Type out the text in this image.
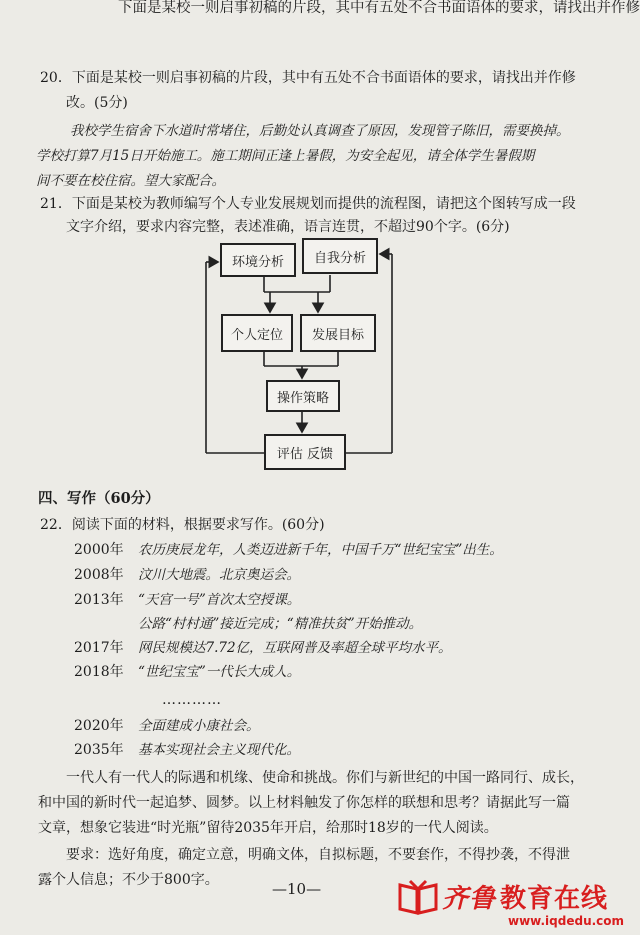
下面是某校一则启事初稿的片段，其中有五处不合书面语体的要求，请找出并作修
20．下面是某校一则启事初稿的片段，其中有五处不合书面语体的要求，请找出并作修
改。(5分)
我校学生宿舍下水道时常堵住，后勤处认真调查了原因，发现管子陈旧，需要换掉。
学校打算7月15日开始施工。施工期间正逢上暑假，为安全起见，请全体学生暑假期
间不要在校住宿。望大家配合。
21．下面是某校为教师编写个人专业发展规划而提供的流程图，请把这个图转写成一段
文字介绍，要求内容完整，表述准确，语言连贯，不超过90个字。(6分)
环境分析	自我分析
个人定位	发展目标
操作策略
评估 反馈
四、写作（60分）
22．阅读下面的材料，根据要求写作。(60分)
2000年 农历庚辰龙年，人类迈进新千年，中国千万“世纪宝宝”出生。
2008年 汶川大地震。北京奥运会。
2013年 “天宫一号”首次太空授课。
公路“村村通”接近完成；“精准扶贫”开始推动。
2017年 网民规模达7.72亿，互联网普及率超全球平均水平。
2018年 “世纪宝宝”一代长大成人。
…………
2020年 全面建成小康社会。
2035年 基本实现社会主义现代化。
一代人有一代人的际遇和机缘、使命和挑战。你们与新世纪的中国一路同行、成长，
和中国的新时代一起追梦、圆梦。以上材料触发了你怎样的联想和思考？请据此写一篇
文章，想象它装进“时光瓶”留待2035年开启，给那时18岁的一代人阅读。
要求：选好角度，确定立意，明确文体，自拟标题，不要套作，不得抄袭，不得泄
露个人信息；不少于800字。	—10—	齐鲁 教育在线
www.iqdedu.com
